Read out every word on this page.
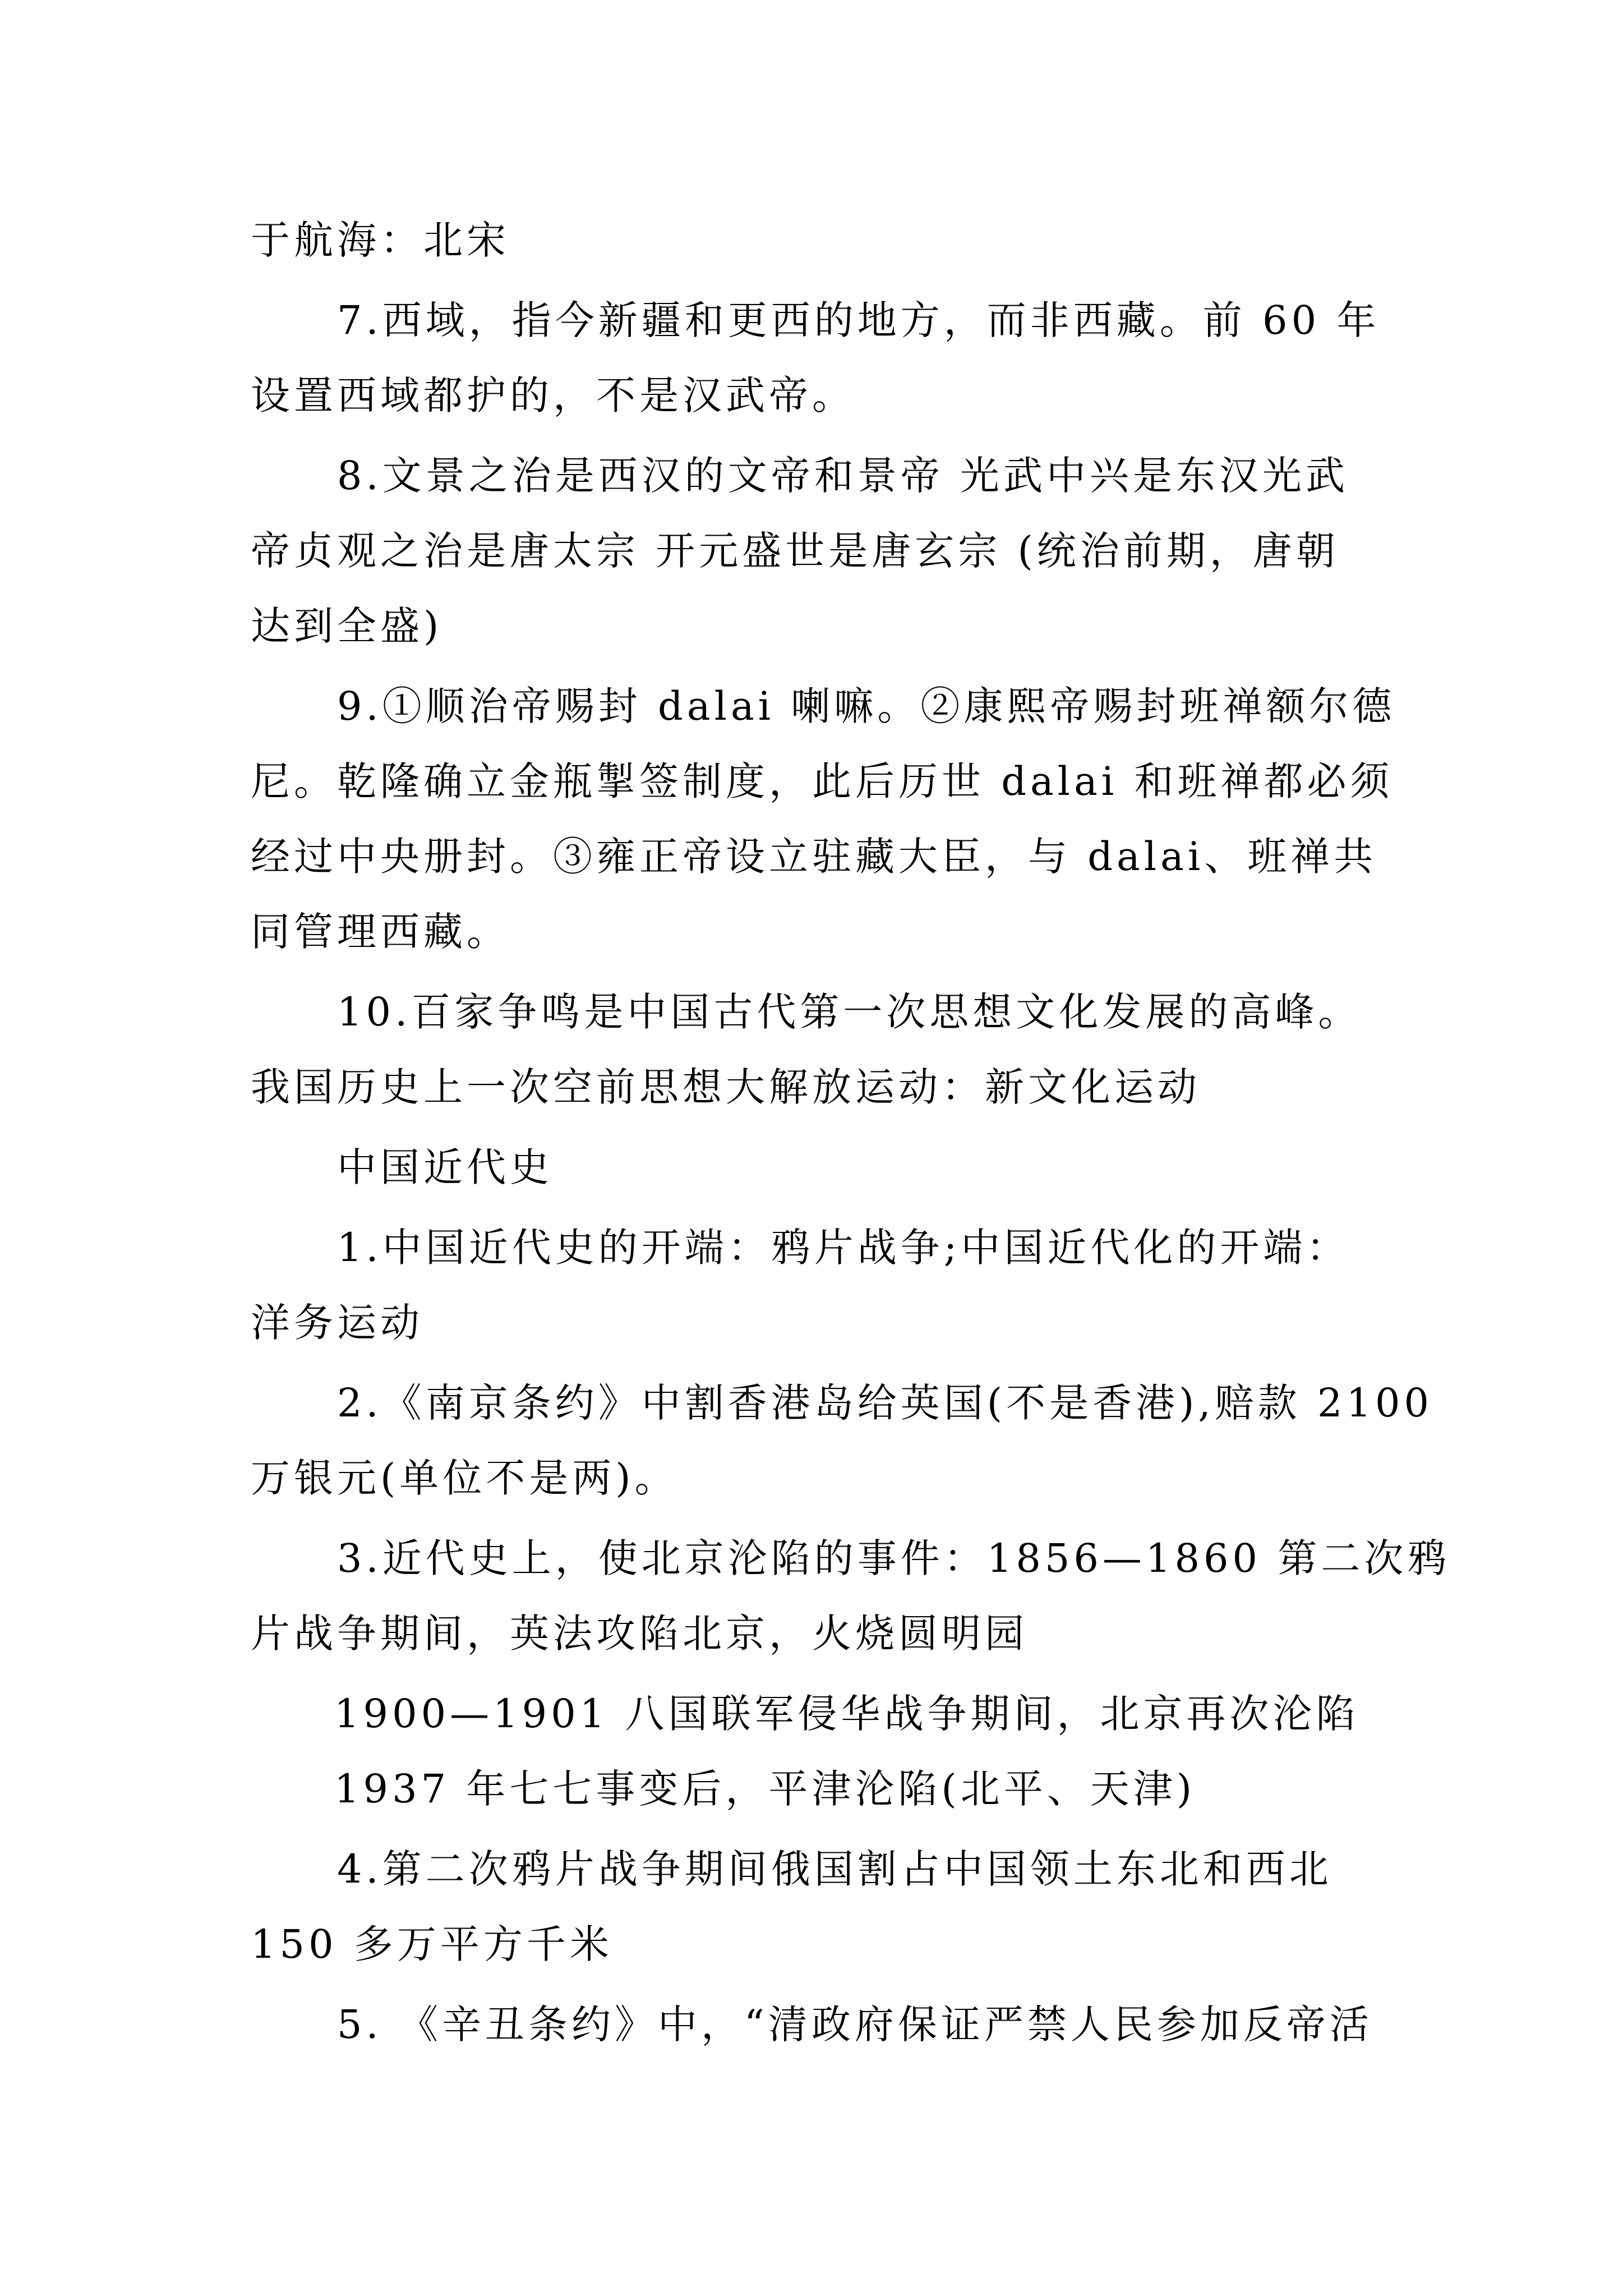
于航海：北宋
7.西域，指今新疆和更西的地方，而非西藏。前 60 年
设置西域都护的，不是汉武帝。
8.文景之治是西汉的文帝和景帝 光武中兴是东汉光武
帝贞观之治是唐太宗 开元盛世是唐玄宗 (统治前期，唐朝
达到全盛)
9.①顺治帝赐封 dalai 喇嘛。②康熙帝赐封班禅额尔德
尼。乾隆确立金瓶掣签制度，此后历世 dalai 和班禅都必须
经过中央册封。③雍正帝设立驻藏大臣，与 dalai、班禅共
同管理西藏。
10.百家争鸣是中国古代第一次思想文化发展的高峰。
我国历史上一次空前思想大解放运动：新文化运动
中国近代史
1.中国近代史的开端：鸦片战争;中国近代化的开端：
洋务运动
2.《南京条约》中割香港岛给英国(不是香港),赔款 2100
万银元(单位不是两)。
3.近代史上，使北京沦陷的事件：1856—1860 第二次鸦
片战争期间，英法攻陷北京，火烧圆明园
1900—1901 八国联军侵华战争期间，北京再次沦陷
1937 年七七事变后，平津沦陷(北平、天津)
4.第二次鸦片战争期间俄国割占中国领土东北和西北
150 多万平方千米
5. 《辛丑条约》中，“清政府保证严禁人民参加反帝活
